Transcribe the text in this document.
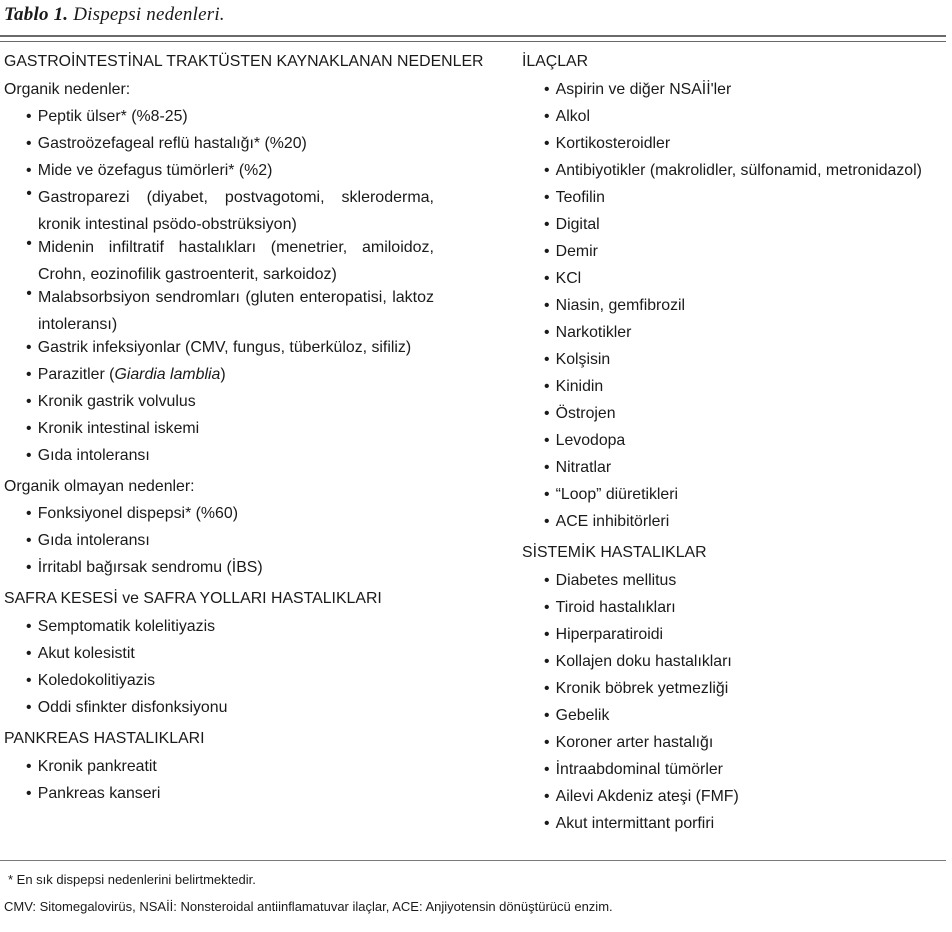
Tablo 1. Dispepsi nedenleri.
GASTROİNTESTİNAL TRAKTÜSTEN KAYNAKLANAN NEDENLER
Organik nedenler:
• Peptik ülser* (%8-25)
• Gastroözefageal reflü hastalığı* (%20)
• Mide ve özefagus tümörleri* (%2)
• Gastroparezi (diyabet, postvagotomi, skleroderma, kronik intestinal psödo-obstrüksiyon)
• Midenin infiltratif hastalıkları (menetrier, amiloidoz, Crohn, eozinofilik gastroenterit, sarkoidoz)
• Malabsorbsiyon sendromları (gluten enteropatisi, laktoz intoleransı)
• Gastrik infeksiyonlar (CMV, fungus, tüberküloz, sifiliz)
• Parazitler (Giardia lamblia)
• Kronik gastrik volvulus
• Kronik intestinal iskemi
• Gıda intoleransı
Organik olmayan nedenler:
• Fonksiyonel dispepsi* (%60)
• Gıda intoleransı
• İrritabl bağırsak sendromu (İBS)
SAFRA KESESİ ve SAFRA YOLLARI HASTALIKLARI
• Semptomatik kolelitiyazis
• Akut kolesistit
• Koledokolitiyazis
• Oddi sfinkter disfonksiyonu
PANKREAS HASTALIKLARI
• Kronik pankreatit
• Pankreas kanseri
İLAÇLAR
• Aspirin ve diğer NSAİİ'ler
• Alkol
• Kortikosteroidler
• Antibiyotikler (makrolidler, sülfonamid, metronidazol)
• Teofilin
• Digital
• Demir
• KCl
• Niasin, gemfibrozil
• Narkotikler
• Kolşisin
• Kinidin
• Östrojen
• Levodopa
• Nitratlar
• “Loop” diüretikleri
• ACE inhibitörleri
SİSTEMİK HASTALIKLAR
• Diabetes mellitus
• Tiroid hastalıkları
• Hiperparatiroidi
• Kollajen doku hastalıkları
• Kronik böbrek yetmezliği
• Gebelik
• Koroner arter hastalığı
• İntraabdominal tümörler
• Ailevi Akdeniz ateşi (FMF)
• Akut intermittant porfiri
* En sık dispepsi nedenlerini belirtmektedir.
CMV: Sitomegalovirüs, NSAİİ: Nonsteroidal antiinflamatuvar ilaçlar, ACE: Anjiyotensin dönüştürücü enzim.
